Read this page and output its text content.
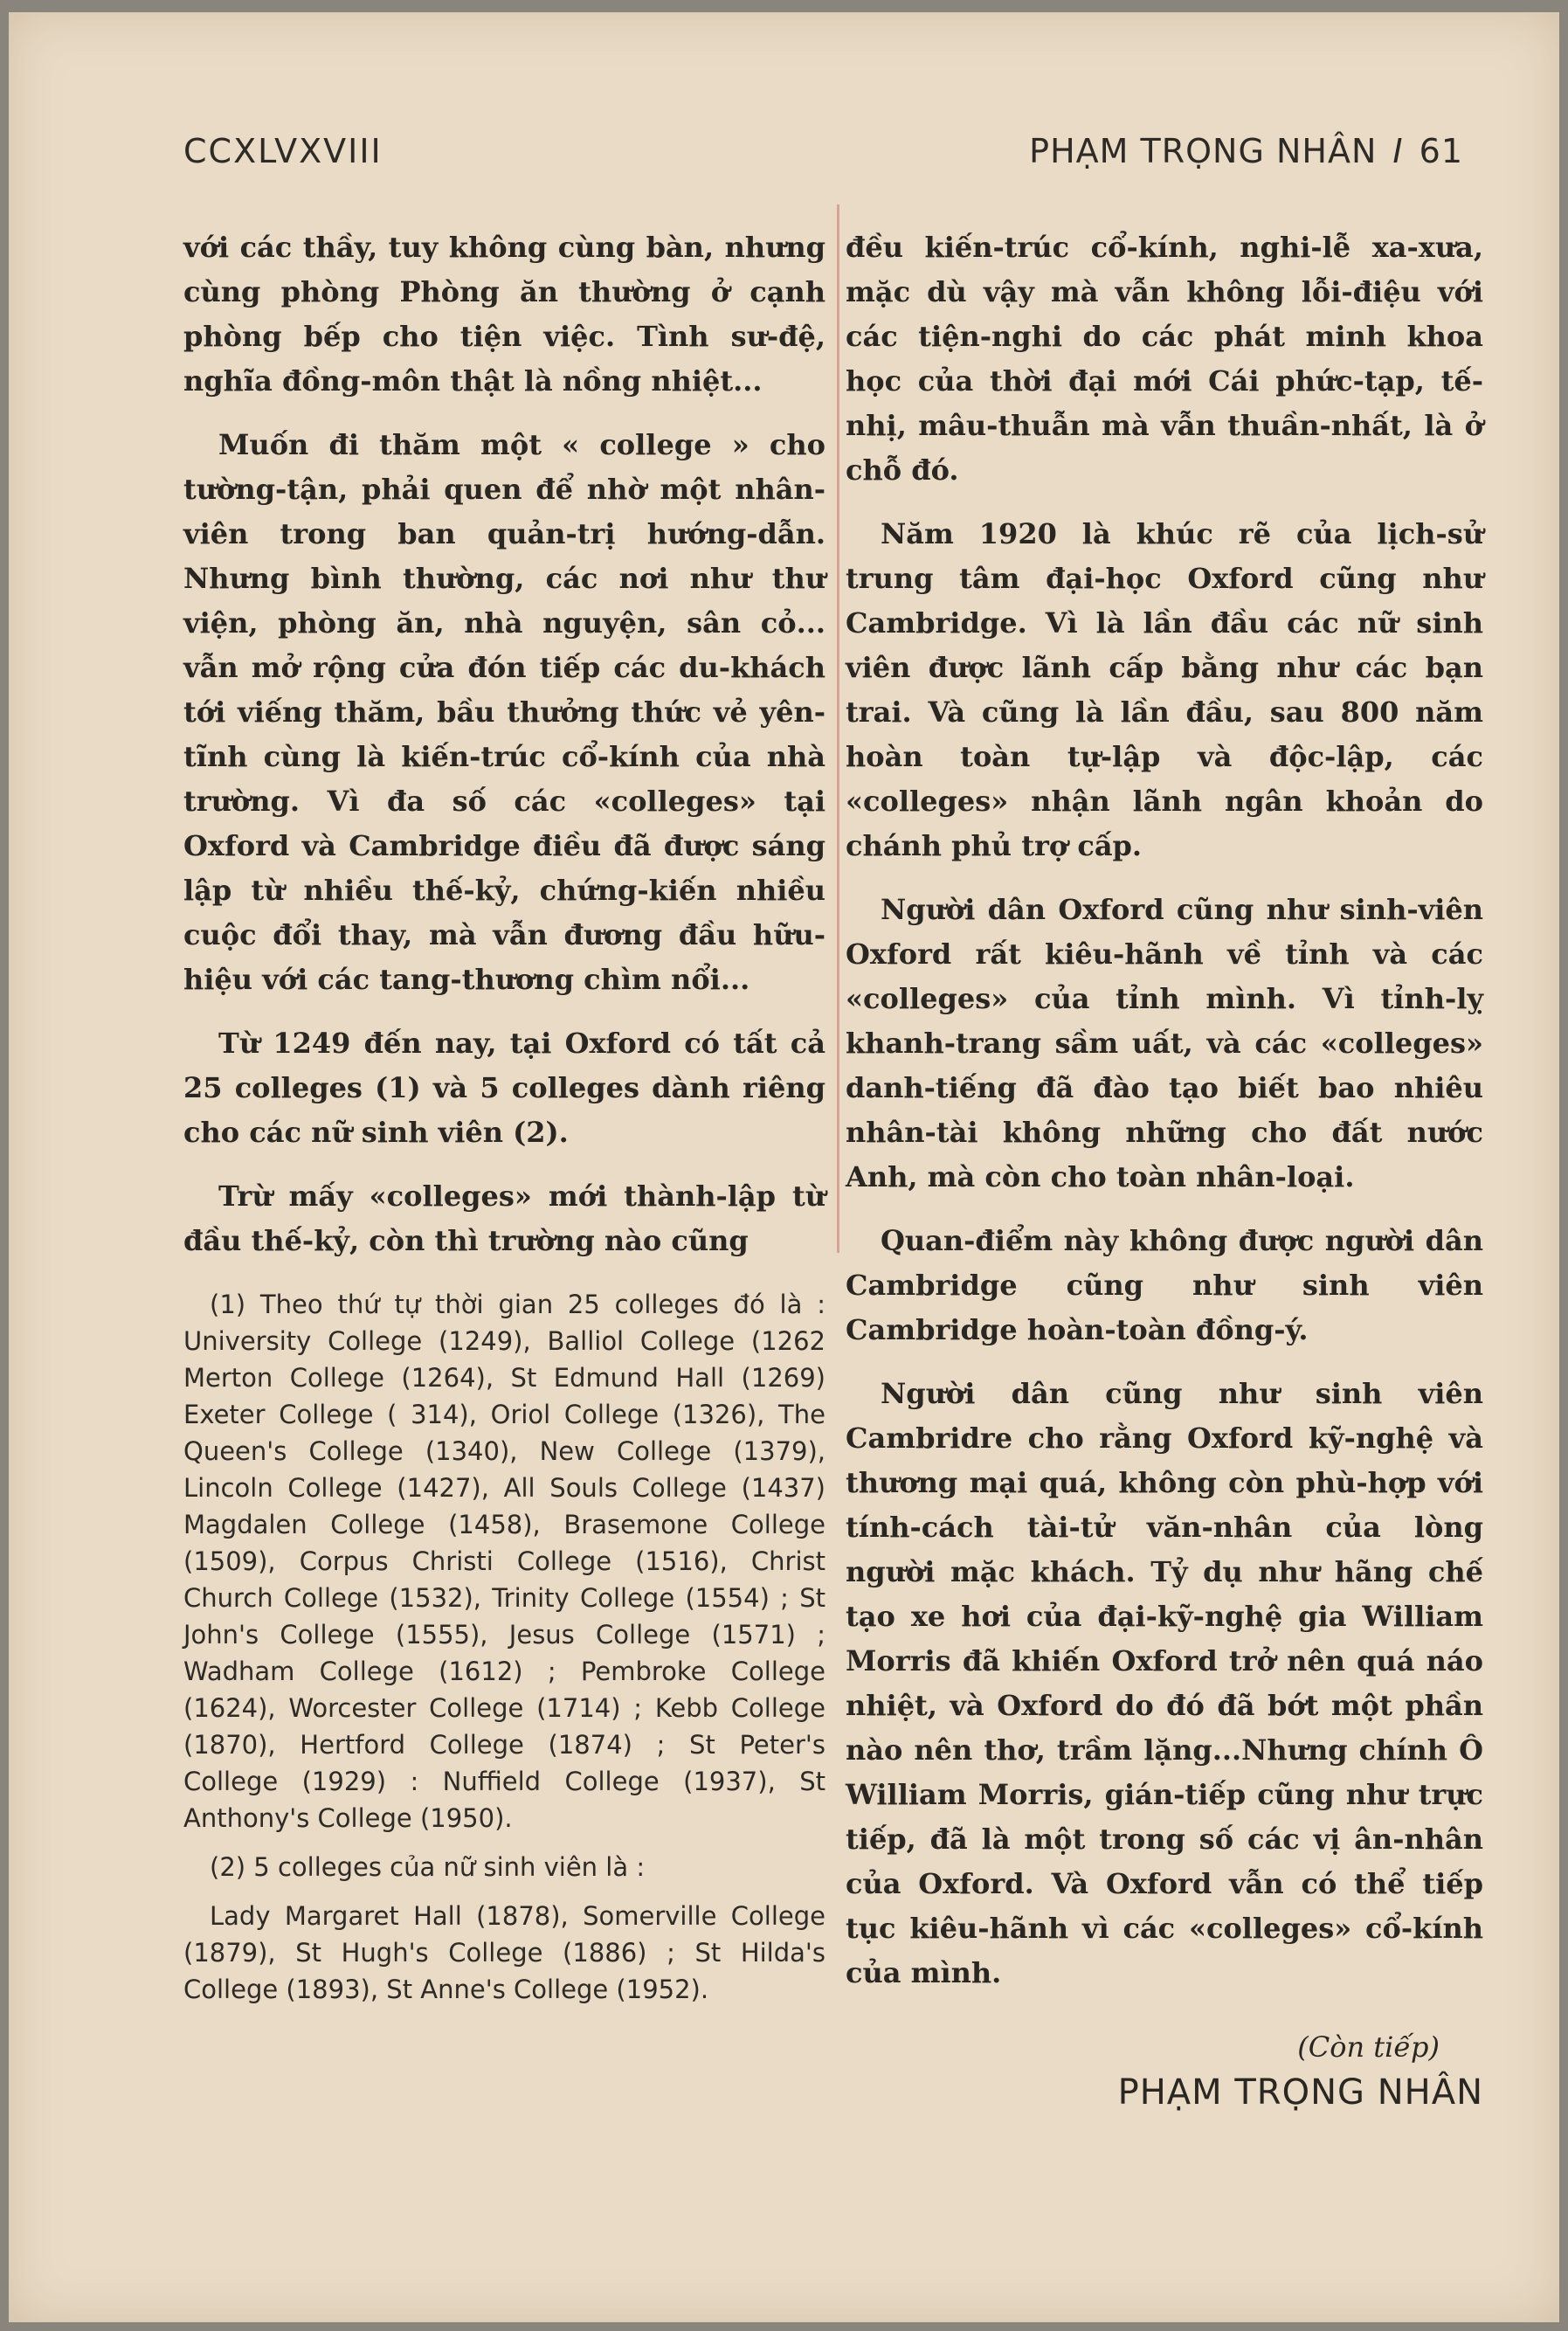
CCXLVXVIII	PHẠM TRỌNG NHÂN I 61

với các thầy, tuy không cùng bàn, nhưng cùng phòng Phòng ăn thường ở cạnh phòng bếp cho tiện việc. Tình sư-đệ, nghĩa đồng-môn thật là nồng nhiệt...

Muốn đi thăm một « college » cho tường-tận, phải quen để nhờ một nhân-viên trong ban quản-trị hướng-dẫn. Nhưng bình thường, các nơi như thư viện, phòng ăn, nhà nguyện, sân cỏ... vẫn mở rộng cửa đón tiếp các du-khách tới viếng thăm, bầu thưởng thức vẻ yên-tĩnh cùng là kiến-trúc cổ-kính của nhà trường. Vì đa số các «colleges» tại Oxford và Cambridge điều đã được sáng lập từ nhiều thế-kỷ, chứng-kiến nhiều cuộc đổi thay, mà vẫn đương đầu hữu-hiệu với các tang-thương chìm nổi...

Từ 1249 đến nay, tại Oxford có tất cả 25 colleges (1) và 5 colleges dành riêng cho các nữ sinh viên (2).

Trừ mấy «colleges» mới thành-lập từ đầu thế-kỷ, còn thì trường nào cũng

(1) Theo thứ tự thời gian 25 colleges đó là : University College (1249), Balliol College (1262 Merton College (1264), St Edmund Hall (1269) Exeter College ( 314), Oriol College (1326), The Queen's College (1340), New College (1379), Lincoln College (1427), All Souls College (1437) Magdalen College (1458), Brasemone College (1509), Corpus Christi College (1516), Christ Church College (1532), Trinity College (1554) ; St John's College (1555), Jesus College (1571) ; Wadham College (1612) ; Pembroke College (1624), Worcester College (1714) ; Kebb College (1870), Hertford College (1874) ; St Peter's College (1929) : Nuffield College (1937), St Anthony's College (1950).

(2) 5 colleges của nữ sinh viên là :

Lady Margaret Hall (1878), Somerville College (1879), St Hugh's College (1886) ; St Hilda's College (1893), St Anne's College (1952).

đều kiến-trúc cổ-kính, nghi-lễ xa-xưa, mặc dù vậy mà vẫn không lỗi-điệu với các tiện-nghi do các phát minh khoa học của thời đại mới Cái phức-tạp, tế-nhị, mâu-thuẫn mà vẫn thuần-nhất, là ở chỗ đó.

Năm 1920 là khúc rẽ của lịch-sử trung tâm đại-học Oxford cũng như Cambridge. Vì là lần đầu các nữ sinh viên được lãnh cấp bằng như các bạn trai. Và cũng là lần đầu, sau 800 năm hoàn toàn tự-lập và độc-lập, các «colleges» nhận lãnh ngân khoản do chánh phủ trợ cấp.

Người dân Oxford cũng như sinh-viên Oxford rất kiêu-hãnh về tỉnh và các «colleges» của tỉnh mình. Vì tỉnh-lỵ khanh-trang sầm uất, và các «colleges» danh-tiếng đã đào tạo biết bao nhiêu nhân-tài không những cho đất nước Anh, mà còn cho toàn nhân-loại.

Quan-điểm này không được người dân Cambridge cũng như sinh viên Cambridge hoàn-toàn đồng-ý.

Người dân cũng như sinh viên Cambridre cho rằng Oxford kỹ-nghệ và thương mại quá, không còn phù-hợp với tính-cách tài-tử văn-nhân của lòng người mặc khách. Tỷ dụ như hãng chế tạo xe hơi của đại-kỹ-nghệ gia William Morris đã khiến Oxford trở nên quá náo nhiệt, và Oxford do đó đã bớt một phần nào nên thơ, trầm lặng...Nhưng chính Ô William Morris, gián-tiếp cũng như trực tiếp, đã là một trong số các vị ân-nhân của Oxford. Và Oxford vẫn có thể tiếp tục kiêu-hãnh vì các «colleges» cổ-kính của mình.

(Còn tiếp)
PHẠM TRỌNG NHÂN
